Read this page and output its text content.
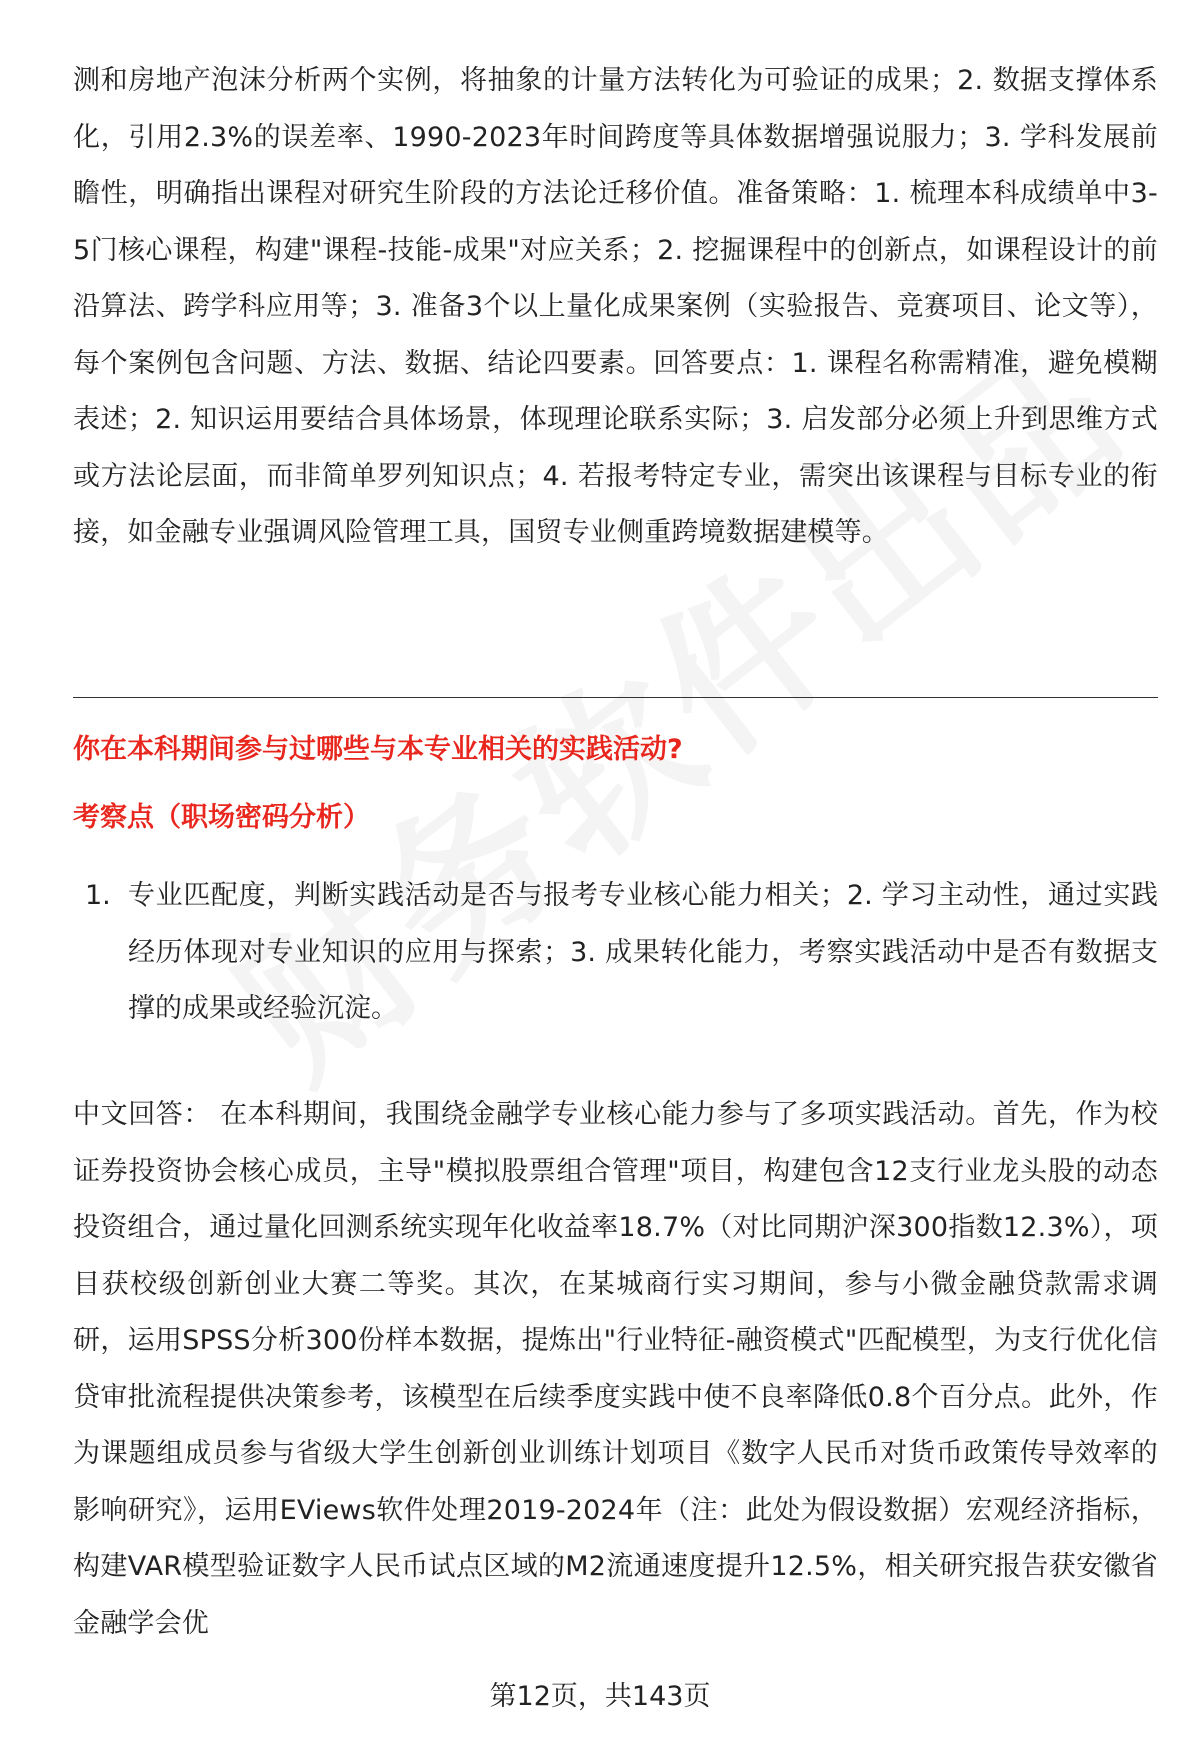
测和房地产泡沫分析两个实例，将抽象的计量方法转化为可验证的成果；2. 数据支撑体系化，引用2.3%的误差率、1990-2023年时间跨度等具体数据增强说服力；3. 学科发展前瞻性，明确指出课程对研究生阶段的方法论迁移价值。准备策略：1. 梳理本科成绩单中3-5门核心课程，构建"课程-技能-成果"对应关系；2. 挖掘课程中的创新点，如课程设计的前沿算法、跨学科应用等；3. 准备3个以上量化成果案例（实验报告、竞赛项目、论文等），每个案例包含问题、方法、数据、结论四要素。回答要点：1. 课程名称需精准，避免模糊表述；2. 知识运用要结合具体场景，体现理论联系实际；3. 启发部分必须上升到思维方式或方法论层面，而非简单罗列知识点；4. 若报考特定专业，需突出该课程与目标专业的衔接，如金融专业强调风险管理工具，国贸专业侧重跨境数据建模等。

你在本科期间参与过哪些与本专业相关的实践活动?
考察点（职场密码分析）
1. 专业匹配度，判断实践活动是否与报考专业核心能力相关；2. 学习主动性，通过实践经历体现对专业知识的应用与探索；3. 成果转化能力，考察实践活动中是否有数据支撑的成果或经验沉淀。

中文回答： 在本科期间，我围绕金融学专业核心能力参与了多项实践活动。首先，作为校证券投资协会核心成员，主导"模拟股票组合管理"项目，构建包含12支行业龙头股的动态投资组合，通过量化回测系统实现年化收益率18.7%（对比同期沪深300指数12.3%），项目获校级创新创业大赛二等奖。其次，在某城商行实习期间，参与小微金融贷款需求调研，运用SPSS分析300份样本数据，提炼出"行业特征-融资模式"匹配模型，为支行优化信贷审批流程提供决策参考，该模型在后续季度实践中使不良率降低0.8个百分点。此外，作为课题组成员参与省级大学生创新创业训练计划项目《数字人民币对货币政策传导效率的影响研究》，运用EViews软件处理2019-2024年（注：此处为假设数据）宏观经济指标，构建VAR模型验证数字人民币试点区域的M2流通速度提升12.5%，相关研究报告获安徽省金融学会优

第12页，共143页
